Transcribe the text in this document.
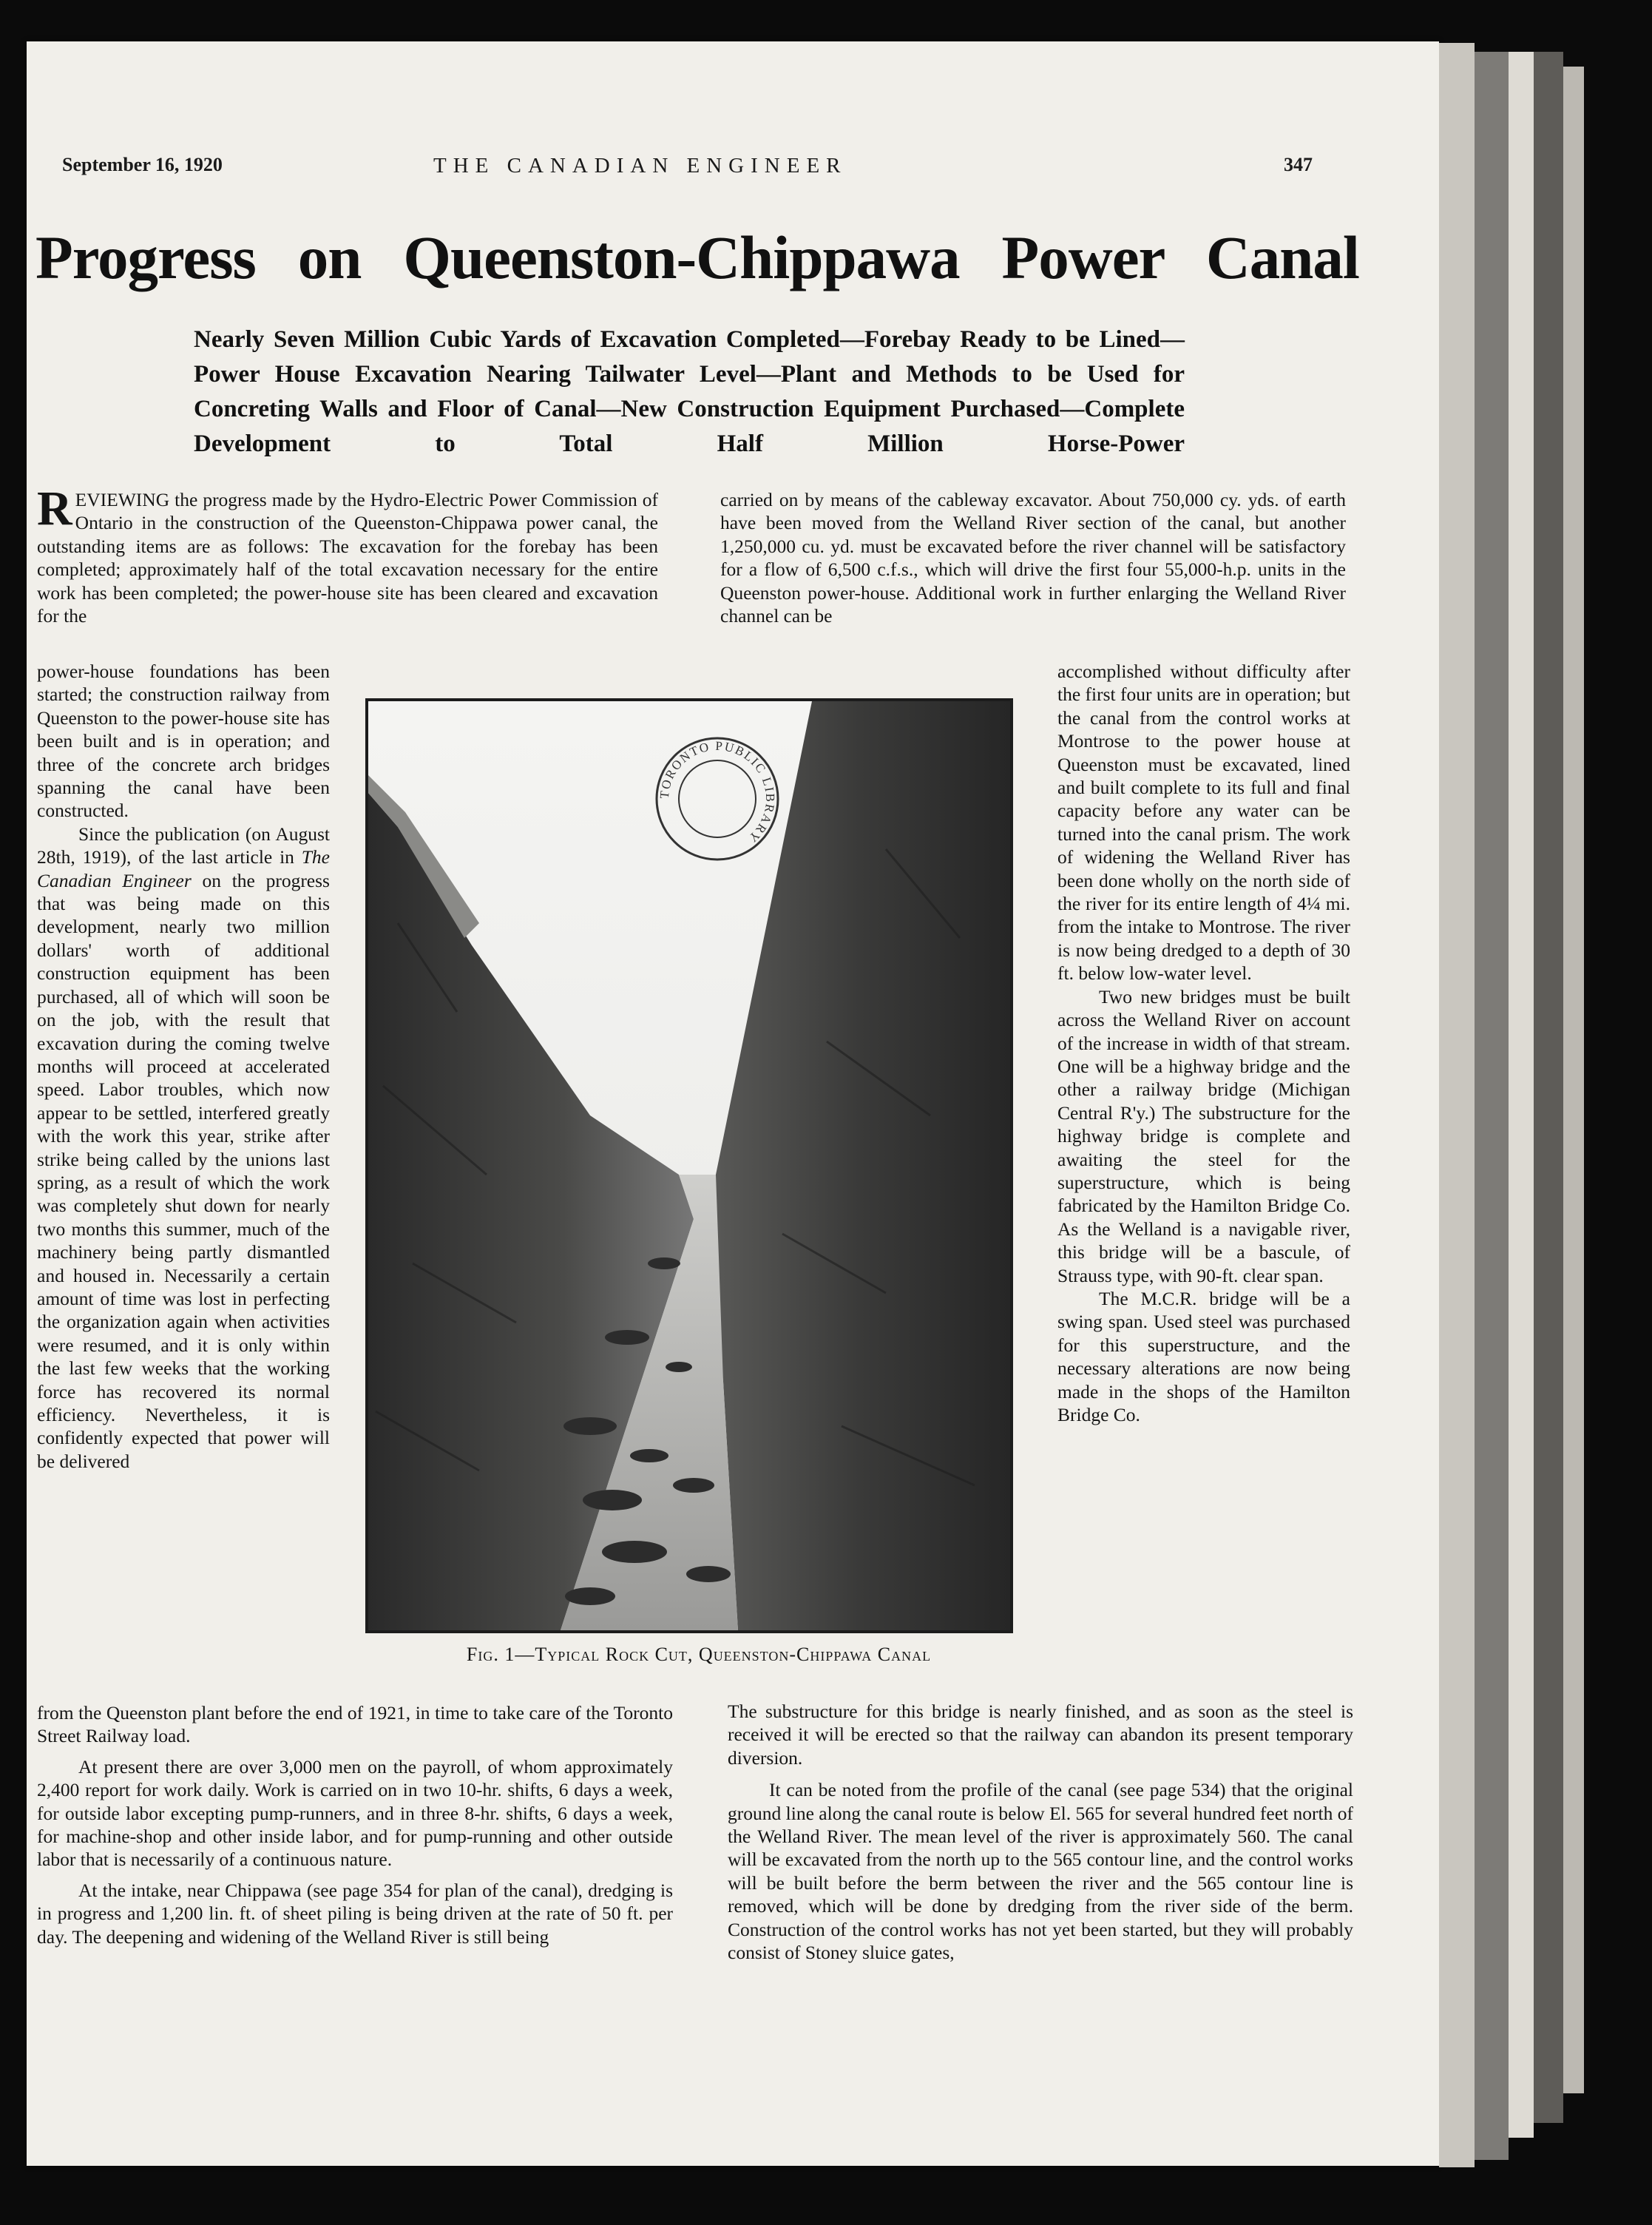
September 16, 1920	THE CANADIAN ENGINEER	347
Progress on Queenston-Chippawa Power Canal
Nearly Seven Million Cubic Yards of Excavation Completed—Forebay Ready to be Lined—Power House Excavation Nearing Tailwater Level—Plant and Methods to be Used for Concreting Walls and Floor of Canal—New Construction Equipment Purchased—Complete Development to Total Half Million Horse-Power

REVIEWING the progress made by the Hydro-Electric Power Commission of Ontario in the construction of the Queenston-Chippawa power canal, the outstanding items are as follows: The excavation for the forebay has been completed; approximately half of the total excavation necessary for the entire work has been completed; the power-house site has been cleared and excavation for the

power-house foundations has been started; the construction railway from Queenston to the power-house site has been built and is in operation; and three of the concrete arch bridges spanning the canal have been constructed.

Since the publication (on August 28th, 1919), of the last article in The Canadian Engineer on the progress that was being made on this development, nearly two million dollars' worth of additional construction equipment has been purchased, all of which will soon be on the job, with the result that excavation during the coming twelve months will proceed at accelerated speed. Labor troubles, which now appear to be settled, interfered greatly with the work this year, strike after strike being called by the unions last spring, as a result of which the work was completely shut down for nearly two months this summer, much of the machinery being partly dismantled and housed in. Necessarily a certain amount of time was lost in perfecting the organization again when activities were resumed, and it is only within the last few weeks that the working force has recovered its normal efficiency. Nevertheless, it is confidently expected that power will be delivered

from the Queenston plant before the end of 1921, in time to take care of the Toronto Street Railway load.

At present there are over 3,000 men on the payroll, of whom approximately 2,400 report for work daily. Work is carried on in two 10-hr. shifts, 6 days a week, for outside labor excepting pump-runners, and in three 8-hr. shifts, 6 days a week, for machine-shop and other inside labor, and for pump-running and other outside labor that is necessarily of a continuous nature.

At the intake, near Chippawa (see page 354 for plan of the canal), dredging is in progress and 1,200 lin. ft. of sheet piling is being driven at the rate of 50 ft. per day. The deepening and widening of the Welland River is still being

carried on by means of the cableway excavator. About 750,000 cy. yds. of earth have been moved from the Welland River section of the canal, but another 1,250,000 cu. yd. must be excavated before the river channel will be satisfactory for a flow of 6,500 c.f.s., which will drive the first four 55,000-h.p. units in the Queenston power-house. Additional work in further enlarging the Welland River channel can be

accomplished without difficulty after the first four units are in operation; but the canal from the control works at Montrose to the power house at Queenston must be excavated, lined and built complete to its full and final capacity before any water can be turned into the canal prism. The work of widening the Welland River has been done wholly on the north side of the river for its entire length of 4¼ mi. from the intake to Montrose. The river is now being dredged to a depth of 30 ft. below low-water level.

Two new bridges must be built across the Welland River on account of the increase in width of that stream. One will be a highway bridge and the other a railway bridge (Michigan Central R'y.) The substructure for the highway bridge is complete and awaiting the steel for the superstructure, which is being fabricated by the Hamilton Bridge Co. As the Welland is a navigable river, this bridge will be a bascule, of Strauss type, with 90-ft. clear span.

The M.C.R. bridge will be a swing span. Used steel was purchased for this superstructure, and the necessary alterations are now being made in the shops of the Hamilton Bridge Co.

The substructure for this bridge is nearly finished, and as soon as the steel is received it will be erected so that the railway can abandon its present temporary diversion.

It can be noted from the profile of the canal (see page 534) that the original ground line along the canal route is below El. 565 for several hundred feet north of the Welland River. The mean level of the river is approximately 560. The canal will be excavated from the north up to the 565 contour line, and the control works will be built before the berm between the river and the 565 contour line is removed, which will be done by dredging from the river side of the berm. Construction of the control works has not yet been started, but they will probably consist of Stoney sluice gates,

TORONTO PUBLIC LIBRARY
Fig. 1—Typical Rock Cut, Queenston-Chippawa Canal
